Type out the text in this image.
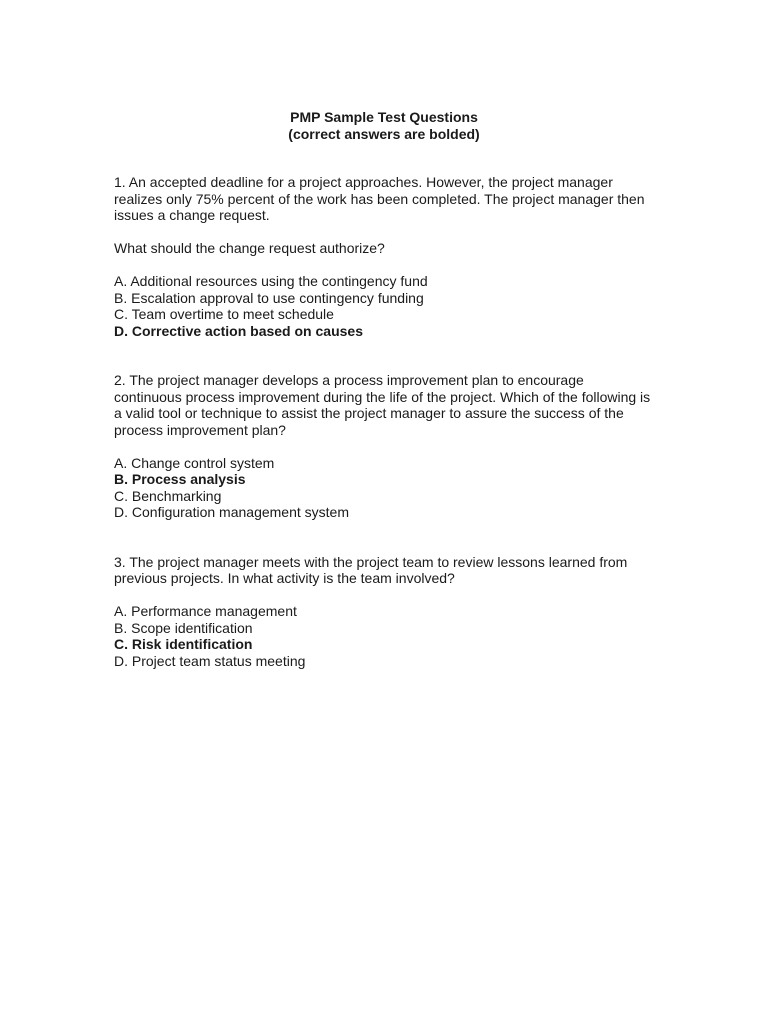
PMP Sample Test Questions
(correct answers are bolded)

1. An accepted deadline for a project approaches. However, the project manager realizes only 75% percent of the work has been completed. The project manager then issues a change request.

What should the change request authorize?

A. Additional resources using the contingency fund
B. Escalation approval to use contingency funding
C. Team overtime to meet schedule
D. Corrective action based on causes

2. The project manager develops a process improvement plan to encourage continuous process improvement during the life of the project. Which of the following is a valid tool or technique to assist the project manager to assure the success of the process improvement plan?

A. Change control system
B. Process analysis
C. Benchmarking
D. Configuration management system

3. The project manager meets with the project team to review lessons learned from previous projects. In what activity is the team involved?

A. Performance management
B. Scope identification
C. Risk identification
D. Project team status meeting
